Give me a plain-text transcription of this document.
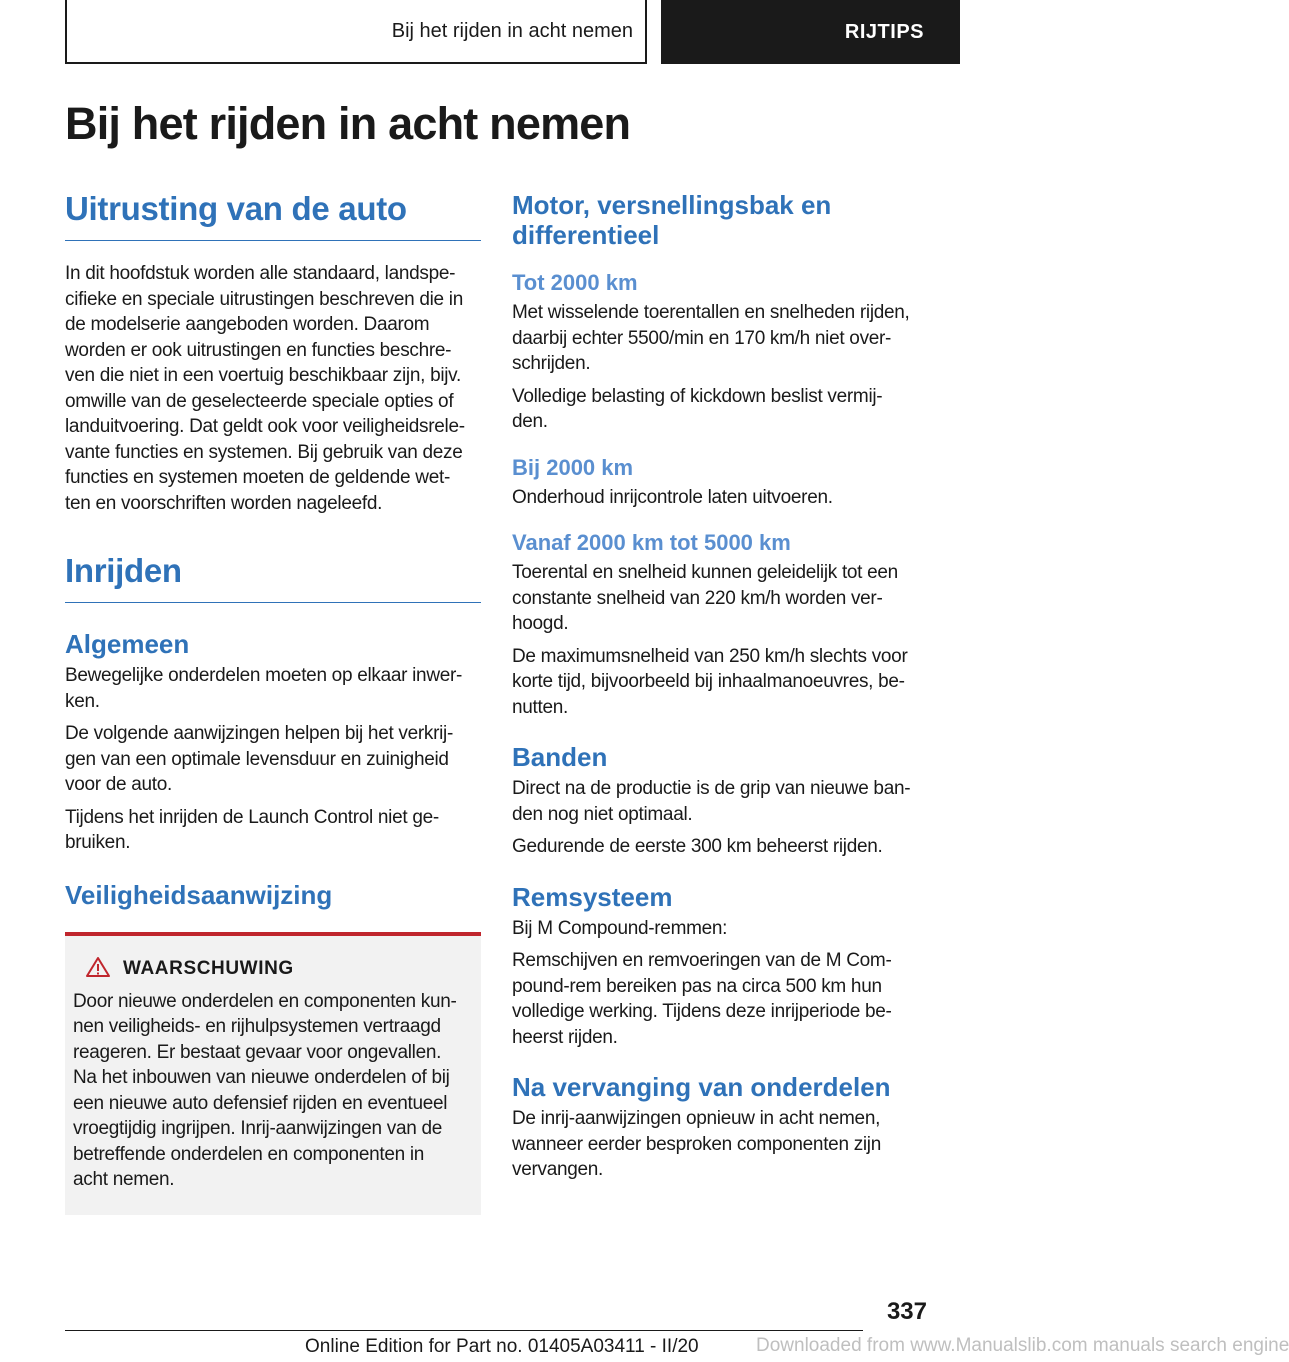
Bij het rijden in acht nemen	RIJTIPS
Bij het rijden in acht nemen
Uitrusting van de auto

In dit hoofdstuk worden alle standaard, landspe-
cifieke en speciale uitrustingen beschreven die in
de modelserie aangeboden worden. Daarom
worden er ook uitrustingen en functies beschre-
ven die niet in een voertuig beschikbaar zijn, bijv.
omwille van de geselecteerde speciale opties of
landuitvoering. Dat geldt ook voor veiligheidsrele-
vante functies en systemen. Bij gebruik van deze
functies en systemen moeten de geldende wet-
ten en voorschriften worden nageleefd.

Inrijden
Algemeen

Bewegelijke onderdelen moeten op elkaar inwer-
ken.

De volgende aanwijzingen helpen bij het verkrij-
gen van een optimale levensduur en zuinigheid
voor de auto.

Tijdens het inrijden de Launch Control niet ge-
bruiken.

Veiligheidsaanwijzing
WAARSCHUWING

Door nieuwe onderdelen en componenten kun-
nen veiligheids- en rijhulpsystemen vertraagd
reageren. Er bestaat gevaar voor ongevallen.
Na het inbouwen van nieuwe onderdelen of bij
een nieuwe auto defensief rijden en eventueel
vroegtijdig ingrijpen. Inrij-aanwijzingen van de
betreffende onderdelen en componenten in
acht nemen.

Motor, versnellingsbak en
differentieel
Tot 2000 km

Met wisselende toerentallen en snelheden rijden,
daarbij echter 5500/min en 170 km/h niet over-
schrijden.

Volledige belasting of kickdown beslist vermij-
den.

Bij 2000 km

Onderhoud inrijcontrole laten uitvoeren.

Vanaf 2000 km tot 5000 km

Toerental en snelheid kunnen geleidelijk tot een
constante snelheid van 220 km/h worden ver-
hoogd.

De maximumsnelheid van 250 km/h slechts voor
korte tijd, bijvoorbeeld bij inhaalmanoeuvres, be-
nutten.

Banden

Direct na de productie is de grip van nieuwe ban-
den nog niet optimaal.

Gedurende de eerste 300 km beheerst rijden.

Remsysteem

Bij M Compound-remmen:

Remschijven en remvoeringen van de M Com-
pound-rem bereiken pas na circa 500 km hun
volledige werking. Tijdens deze inrijperiode be-
heerst rijden.

Na vervanging van onderdelen

De inrij-aanwijzingen opnieuw in acht nemen,
wanneer eerder besproken componenten zijn
vervangen.

337
Downloaded from www.Manualslib.com manuals search engine
Online Edition for Part no. 01405A03411 - II/20
